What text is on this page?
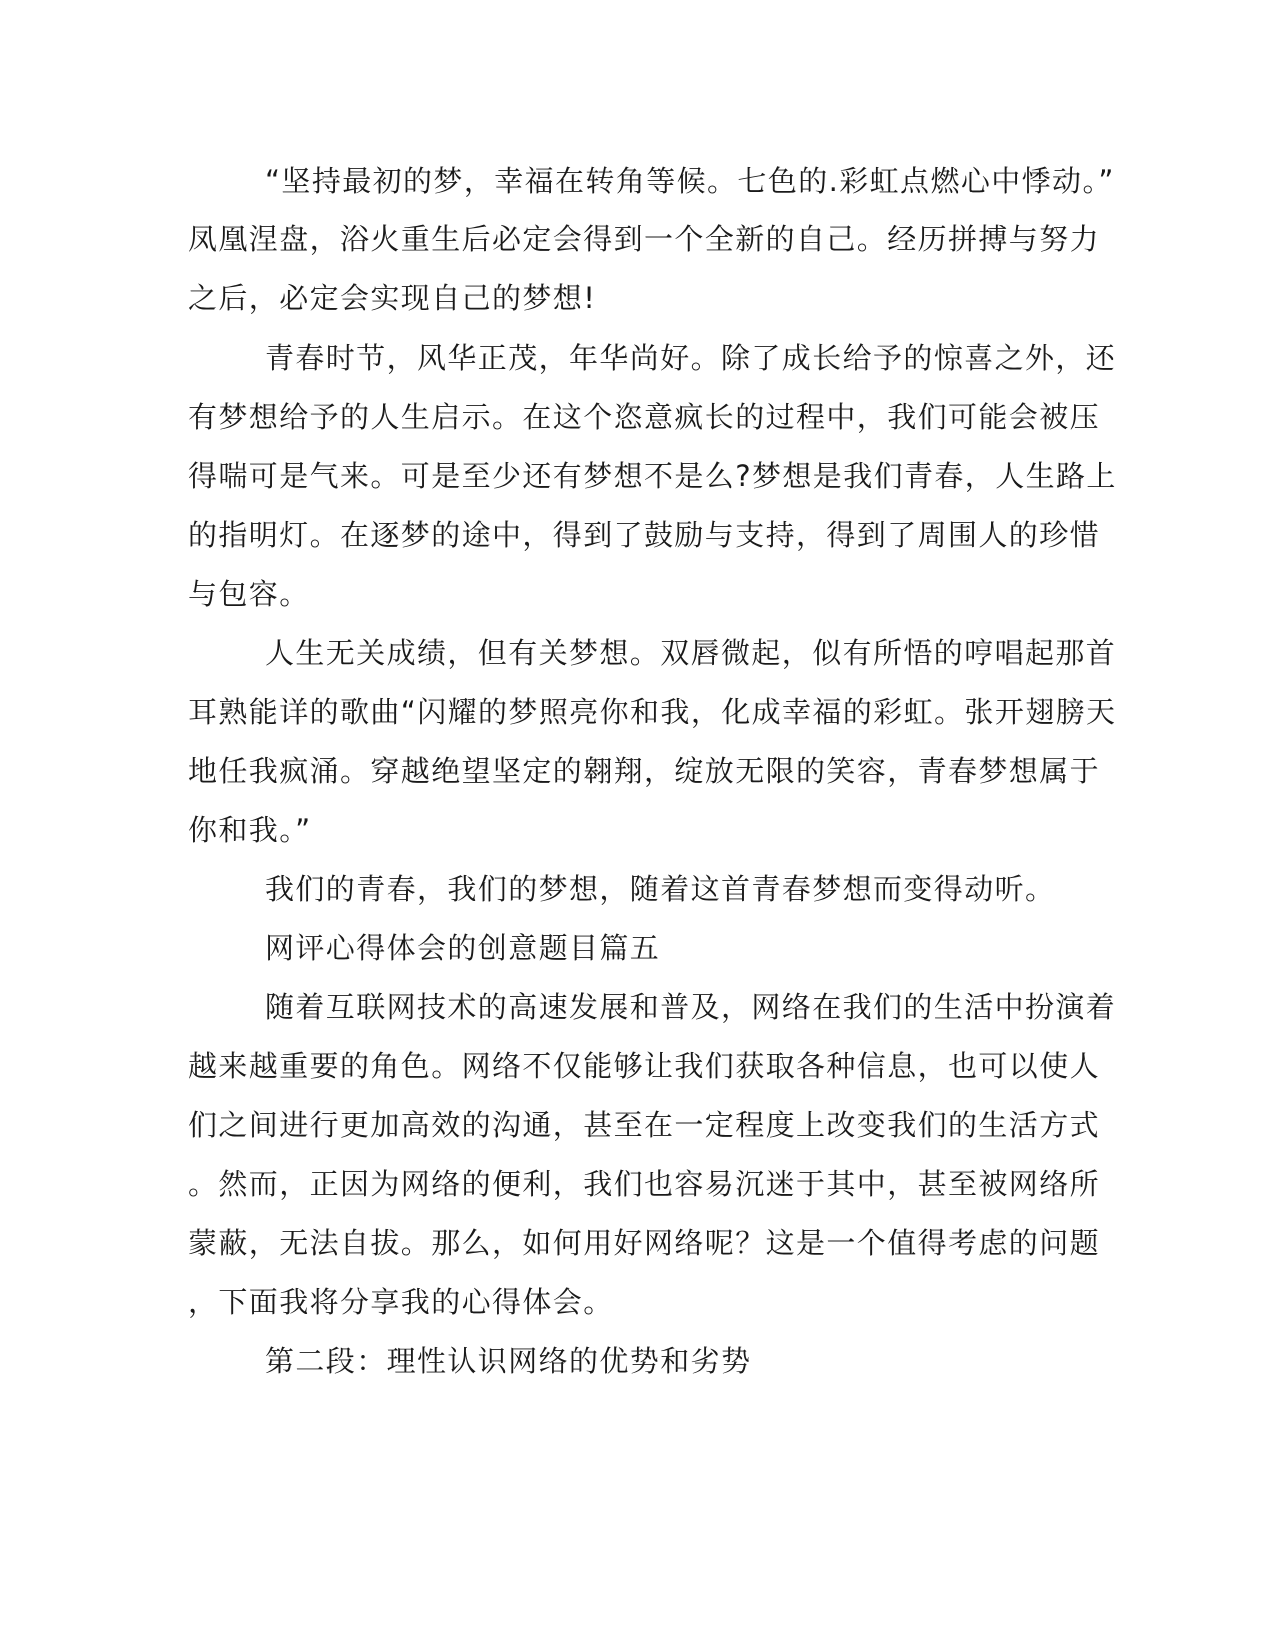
“坚持最初的梦，幸福在转角等候。七色的.彩虹点燃心中悸动。”

凤凰涅盘，浴火重生后必定会得到一个全新的自己。经历拼搏与努力

之后，必定会实现自己的梦想!

青春时节，风华正茂，年华尚好。除了成长给予的惊喜之外，还

有梦想给予的人生启示。在这个恣意疯长的过程中，我们可能会被压

得喘可是气来。可是至少还有梦想不是么?梦想是我们青春，人生路上

的指明灯。在逐梦的途中，得到了鼓励与支持，得到了周围人的珍惜

与包容。

人生无关成绩，但有关梦想。双唇微起，似有所悟的哼唱起那首

耳熟能详的歌曲“闪耀的梦照亮你和我，化成幸福的彩虹。张开翅膀天

地任我疯涌。穿越绝望坚定的翱翔，绽放无限的笑容，青春梦想属于

你和我。”

我们的青春，我们的梦想，随着这首青春梦想而变得动听。

网评心得体会的创意题目篇五

随着互联网技术的高速发展和普及，网络在我们的生活中扮演着

越来越重要的角色。网络不仅能够让我们获取各种信息，也可以使人

们之间进行更加高效的沟通，甚至在一定程度上改变我们的生活方式

。然而，正因为网络的便利，我们也容易沉迷于其中，甚至被网络所

蒙蔽，无法自拔。那么，如何用好网络呢？这是一个值得考虑的问题

，下面我将分享我的心得体会。

第二段：理性认识网络的优势和劣势
